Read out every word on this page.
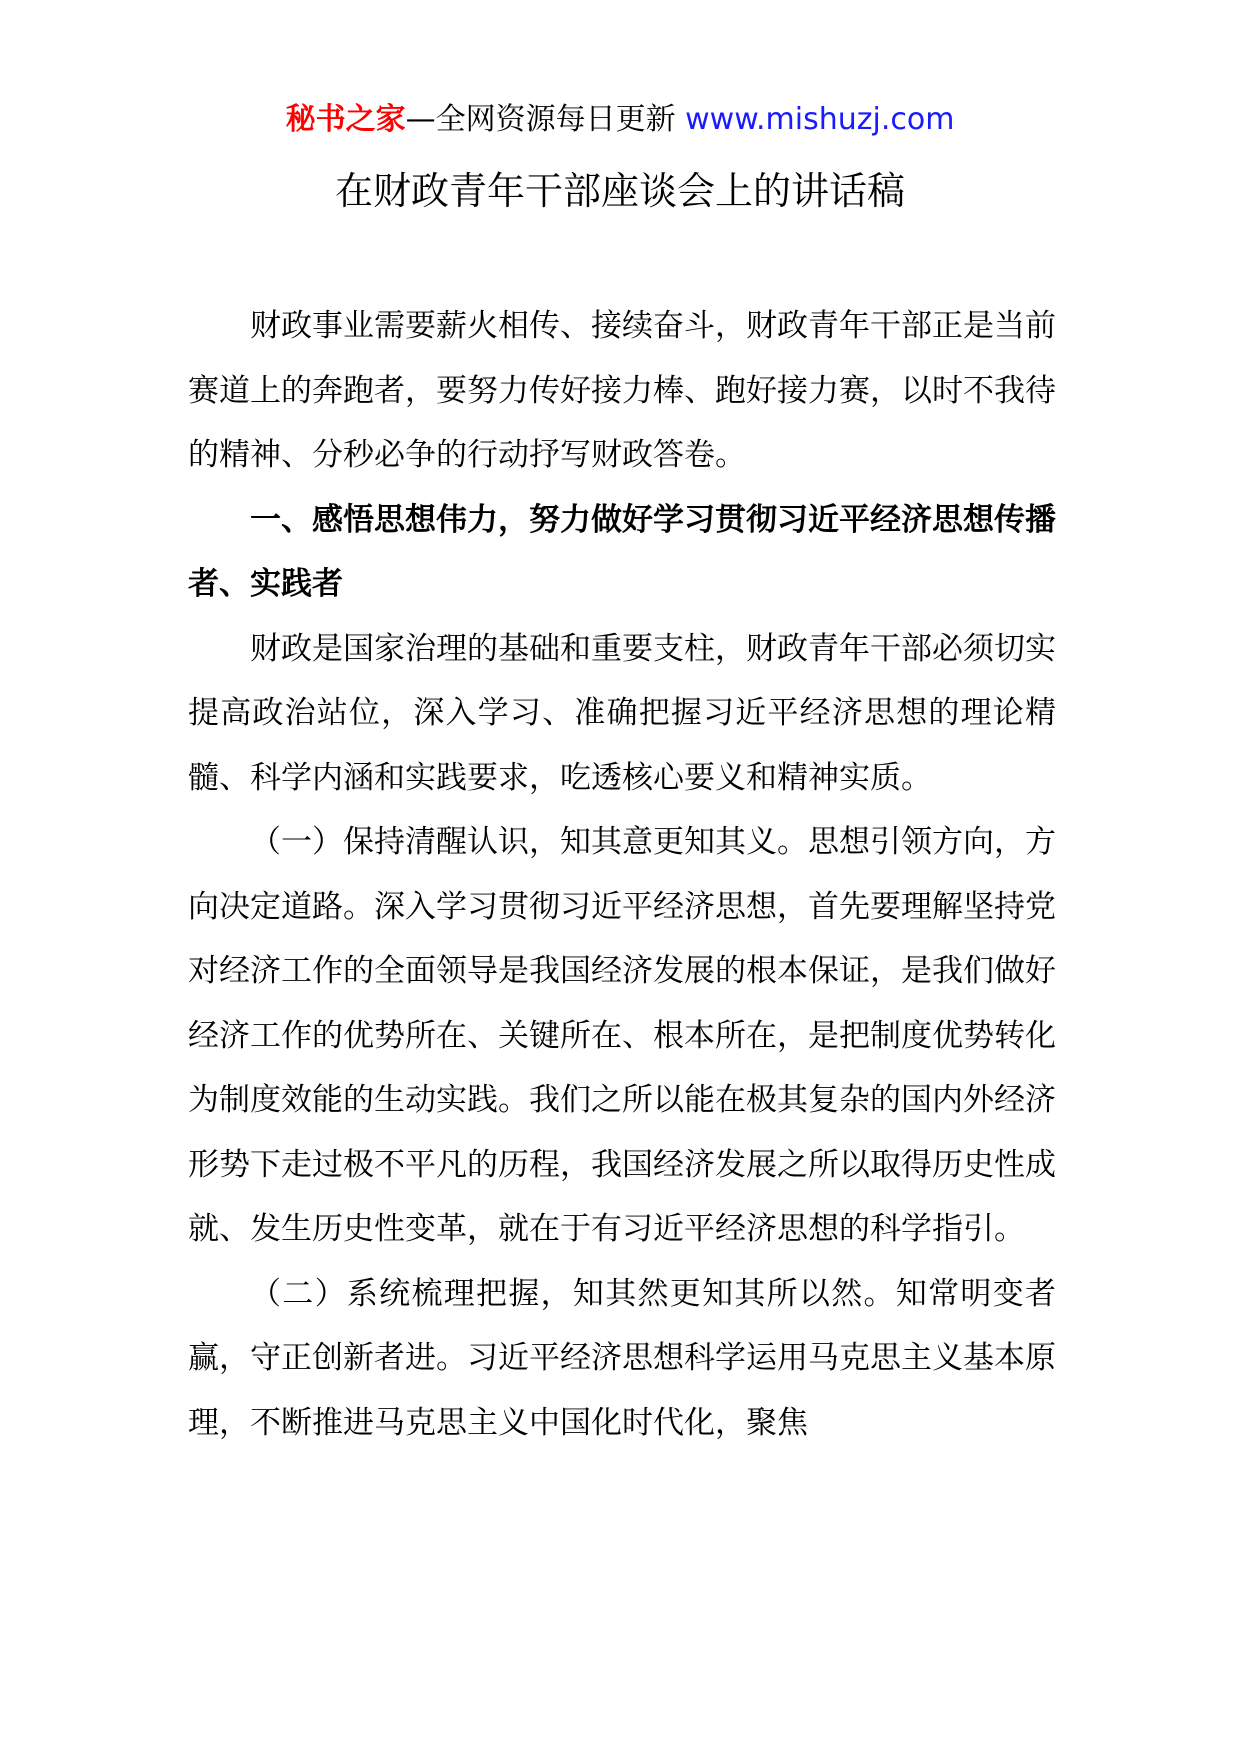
秘书之家—全网资源每日更新 www.mishuzj.com
在财政青年干部座谈会上的讲话稿

财政事业需要薪火相传、接续奋斗，财政青年干部正是当前赛道上的奔跑者，要努力传好接力棒、跑好接力赛，以时不我待的精神、分秒必争的行动抒写财政答卷。

一、感悟思想伟力，努力做好学习贯彻习近平经济思想传播者、实践者

财政是国家治理的基础和重要支柱，财政青年干部必须切实提高政治站位，深入学习、准确把握习近平经济思想的理论精髓、科学内涵和实践要求，吃透核心要义和精神实质。

（一）保持清醒认识，知其意更知其义。思想引领方向，方向决定道路。深入学习贯彻习近平经济思想，首先要理解坚持党对经济工作的全面领导是我国经济发展的根本保证，是我们做好经济工作的优势所在、关键所在、根本所在，是把制度优势转化为制度效能的生动实践。我们之所以能在极其复杂的国内外经济形势下走过极不平凡的历程，我国经济发展之所以取得历史性成就、发生历史性变革，就在于有习近平经济思想的科学指引。

（二）系统梳理把握，知其然更知其所以然。知常明变者赢，守正创新者进。习近平经济思想科学运用马克思主义基本原理，不断推进马克思主义中国化时代化，聚焦
